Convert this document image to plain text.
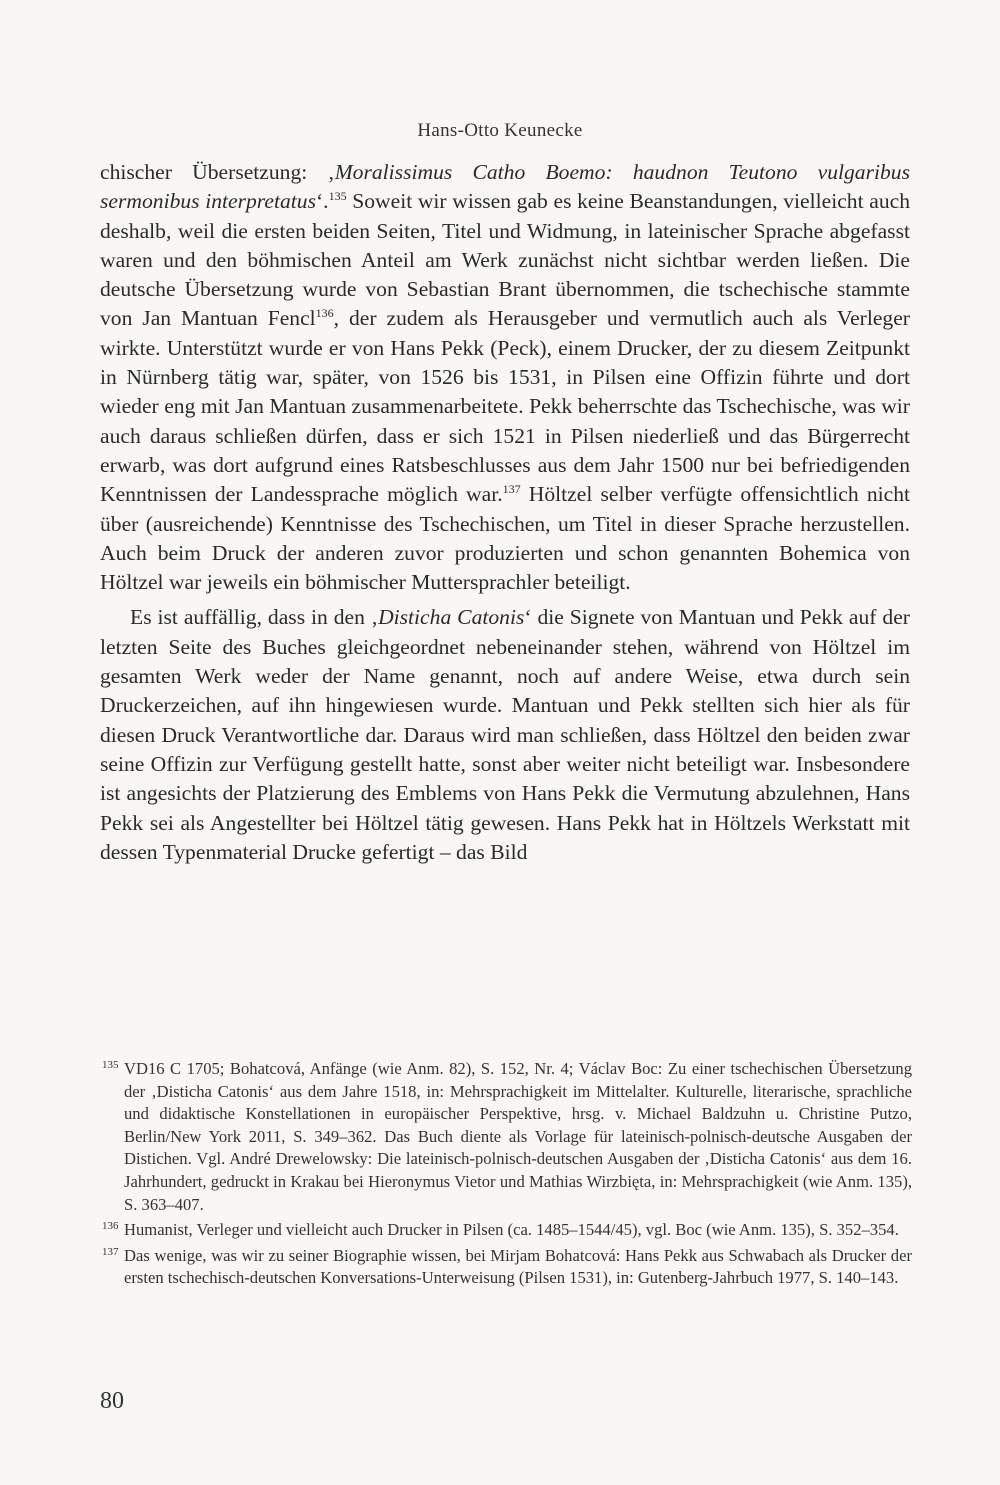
Hans-Otto Keunecke

chischer Übersetzung: ‚Moralissimus Catho Boemo: haudnon Teutono vulgaribus sermonibus interpretatus‘.$^{135}$ Soweit wir wissen gab es keine Beanstandungen, vielleicht auch deshalb, weil die ersten beiden Seiten, Titel und Widmung, in lateinischer Sprache abgefasst waren und den böhmischen Anteil am Werk zunächst nicht sichtbar werden ließen. Die deutsche Übersetzung wurde von Sebastian Brant übernommen, die tschechische stammte von Jan Mantuan Fencl$^{136}$, der zudem als Herausgeber und vermutlich auch als Verleger wirkte. Unterstützt wurde er von Hans Pekk (Peck), einem Drucker, der zu diesem Zeitpunkt in Nürnberg tätig war, später, von 1526 bis 1531, in Pilsen eine Offizin führte und dort wieder eng mit Jan Mantuan zusammenarbeitete. Pekk beherrschte das Tschechische, was wir auch daraus schließen dürfen, dass er sich 1521 in Pilsen niederließ und das Bürgerrecht erwarb, was dort aufgrund eines Ratsbeschlusses aus dem Jahr 1500 nur bei befriedigenden Kenntnissen der Landessprache möglich war.$^{137}$ Höltzel selber verfügte offensichtlich nicht über (ausreichende) Kenntnisse des Tschechischen, um Titel in dieser Sprache herzustellen. Auch beim Druck der anderen zuvor produzierten und schon genannten Bohemica von Höltzel war jeweils ein böhmischer Muttersprachler beteiligt.

Es ist auffällig, dass in den ‚Disticha Catonis‘ die Signete von Mantuan und Pekk auf der letzten Seite des Buches gleichgeordnet nebeneinander stehen, während von Höltzel im gesamten Werk weder der Name genannt, noch auf andere Weise, etwa durch sein Druckerzeichen, auf ihn hingewiesen wurde. Mantuan und Pekk stellten sich hier als für diesen Druck Verantwortliche dar. Daraus wird man schließen, dass Höltzel den beiden zwar seine Offizin zur Verfügung gestellt hatte, sonst aber weiter nicht beteiligt war. Insbesondere ist angesichts der Platzierung des Emblems von Hans Pekk die Vermutung abzulehnen, Hans Pekk sei als Angestellter bei Höltzel tätig gewesen. Hans Pekk hat in Höltzels Werkstatt mit dessen Typenmaterial Drucke gefertigt – das Bild

135 VD16 C 1705; Bohatcová, Anfänge (wie Anm. 82), S. 152, Nr. 4; Václav Boc: Zu einer tschechischen Übersetzung der ‚Disticha Catonis‘ aus dem Jahre 1518, in: Mehrsprachigkeit im Mittelalter. Kulturelle, literarische, sprachliche und didaktische Konstellationen in europäischer Perspektive, hrsg. v. Michael Baldzuhn u. Christine Putzo, Berlin/New York 2011, S. 349–362. Das Buch diente als Vorlage für lateinisch-polnisch-deutsche Ausgaben der Distichen. Vgl. André Drewelowsky: Die lateinisch-polnisch-deutschen Ausgaben der ‚Disticha Catonis‘ aus dem 16. Jahrhundert, gedruckt in Krakau bei Hieronymus Vietor und Mathias Wirzbięta, in: Mehrsprachigkeit (wie Anm. 135), S. 363–407.
136 Humanist, Verleger und vielleicht auch Drucker in Pilsen (ca. 1485–1544/45), vgl. Boc (wie Anm. 135), S. 352–354.
137 Das wenige, was wir zu seiner Biographie wissen, bei Mirjam Bohatcová: Hans Pekk aus Schwabach als Drucker der ersten tschechisch-deutschen Konversations-Unterweisung (Pilsen 1531), in: Gutenberg-Jahrbuch 1977, S. 140–143.
80
